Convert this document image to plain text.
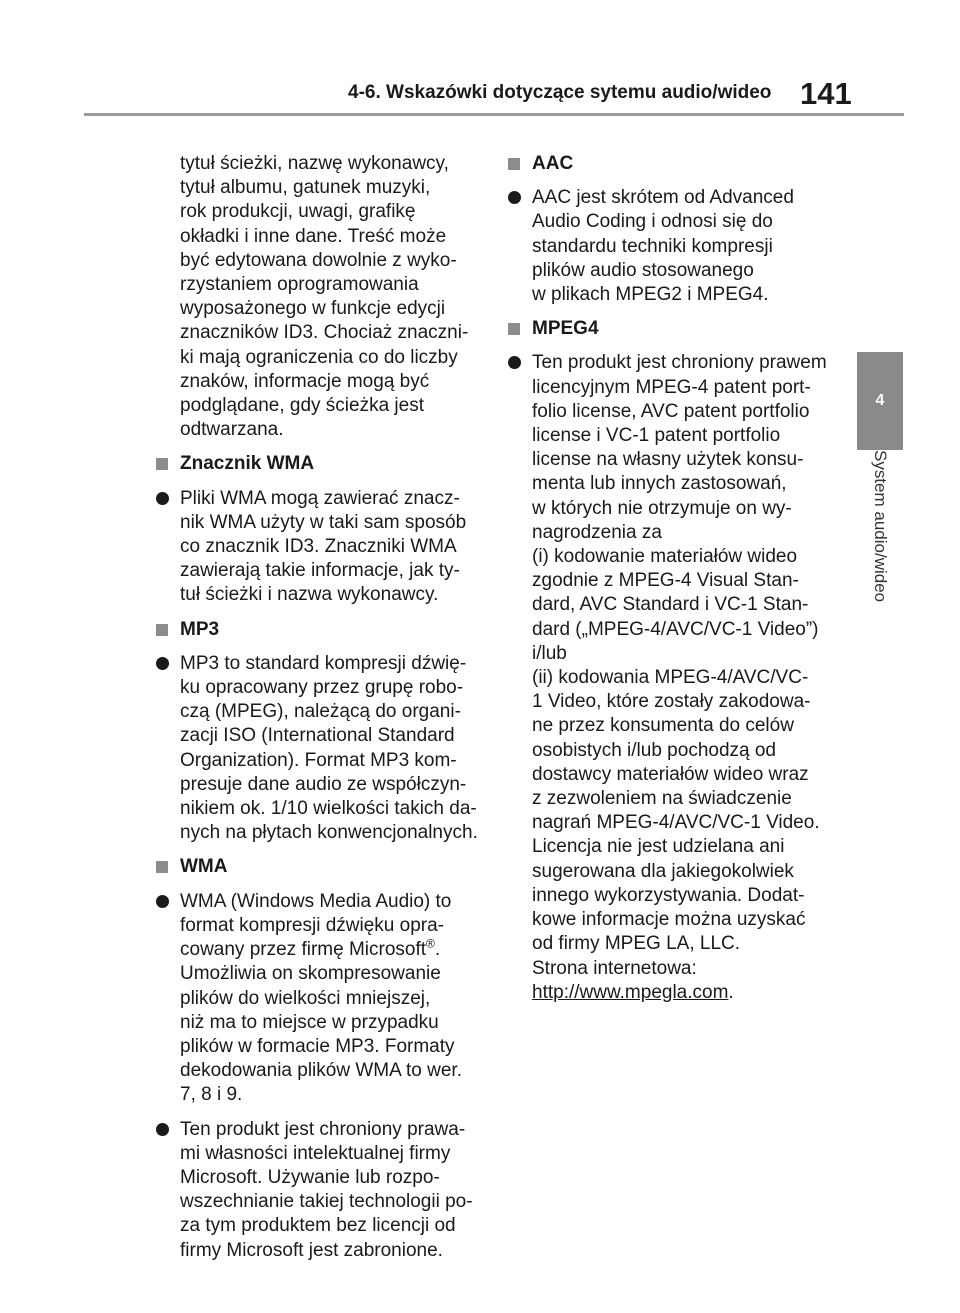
4-6. Wskazówki dotyczące sytemu audio/wideo 141
4
System audio/wideo
tytuł ścieżki, nazwę wykonawcy,
tytuł albumu, gatunek muzyki,
rok produkcji, uwagi, grafikę
okładki i inne dane. Treść może
być edytowana dowolnie z wyko-
rzystaniem oprogramowania
wyposażonego w funkcje edycji
znaczników ID3. Chociaż znaczni-
ki mają ograniczenia co do liczby
znaków, informacje mogą być
podglądane, gdy ścieżka jest
odtwarzana.
Znacznik WMA
Pliki WMA mogą zawierać znacz-
nik WMA użyty w taki sam sposób
co znacznik ID3. Znaczniki WMA
zawierają takie informacje, jak ty-
tuł ścieżki i nazwa wykonawcy.
MP3
MP3 to standard kompresji dźwię-
ku opracowany przez grupę robo-
czą (MPEG), należącą do organi-
zacji ISO (International Standard
Organization). Format MP3 kom-
presuje dane audio ze współczyn-
nikiem ok. 1/10 wielkości takich da-
nych na płytach konwencjonalnych.
WMA
WMA (Windows Media Audio) to
format kompresji dźwięku opra-
cowany przez firmę Microsoft®.
Umożliwia on skompresowanie
plików do wielkości mniejszej,
niż ma to miejsce w przypadku
plików w formacie MP3. Formaty
dekodowania plików WMA to wer.
7, 8 i 9.
Ten produkt jest chroniony prawa-
mi własności intelektualnej firmy
Microsoft. Używanie lub rozpo-
wszechnianie takiej technologii po-
za tym produktem bez licencji od
firmy Microsoft jest zabronione.
AAC
AAC jest skrótem od Advanced
Audio Coding i odnosi się do
standardu techniki kompresji
plików audio stosowanego
w plikach MPEG2 i MPEG4.
MPEG4
Ten produkt jest chroniony prawem
licencyjnym MPEG-4 patent port-
folio license, AVC patent portfolio
license i VC-1 patent portfolio
license na własny użytek konsu-
menta lub innych zastosowań,
w których nie otrzymuje on wy-
nagrodzenia za
(i) kodowanie materiałów wideo
zgodnie z MPEG-4 Visual Stan-
dard, AVC Standard i VC-1 Stan-
dard („MPEG-4/AVC/VC-1 Video”)
i/lub
(ii) kodowania MPEG-4/AVC/VC-
1 Video, które zostały zakodowa-
ne przez konsumenta do celów
osobistych i/lub pochodzą od
dostawcy materiałów wideo wraz
z zezwoleniem na świadczenie
nagrań MPEG-4/AVC/VC-1 Video.
Licencja nie jest udzielana ani
sugerowana dla jakiegokolwiek
innego wykorzystywania. Dodat-
kowe informacje można uzyskać
od firmy MPEG LA, LLC.
Strona internetowa:
http://www.mpegla.com.
